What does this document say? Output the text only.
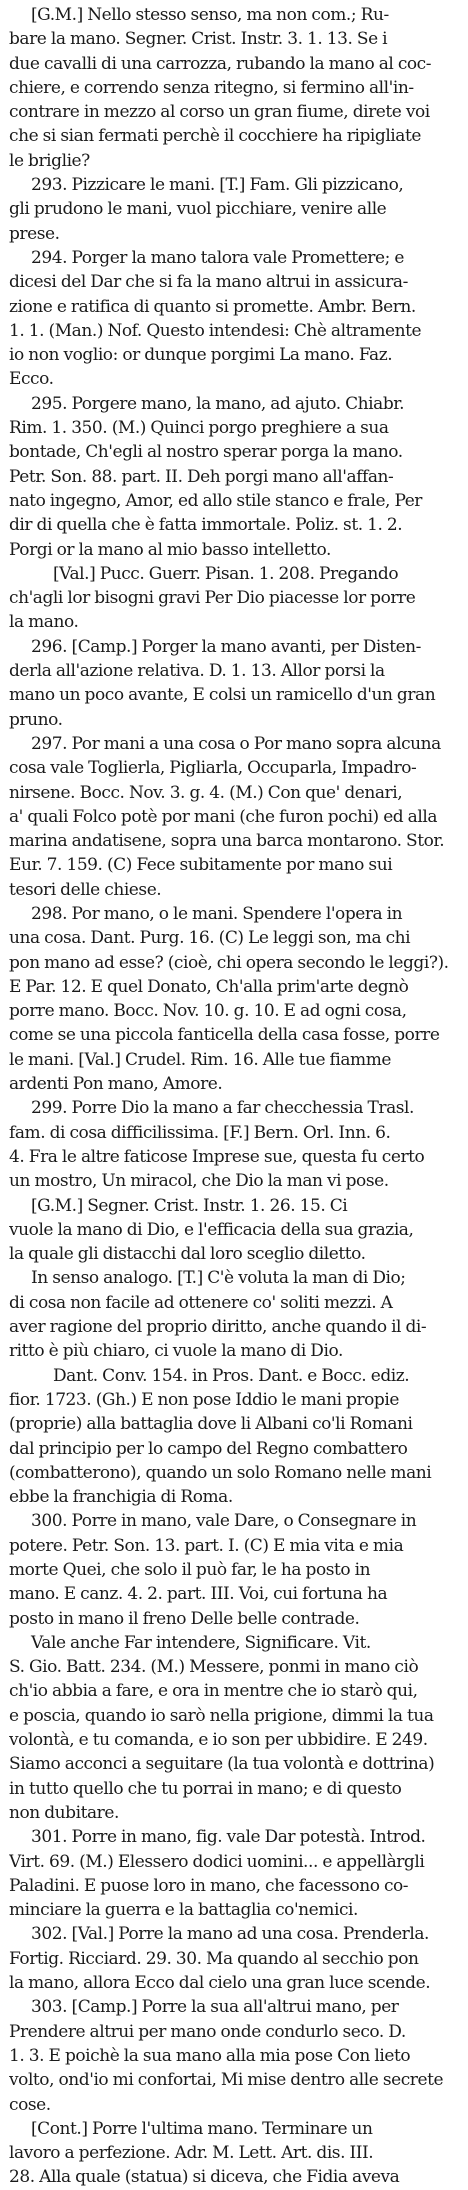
[G.M.] Nello stesso senso, ma non com.; Ru-
bare la mano. Segner. Crist. Instr. 3. 1. 13. Se i
due cavalli di una carrozza, rubando la mano al coc-
chiere, e correndo senza ritegno, si fermino all'in-
contrare in mezzo al corso un gran fiume, direte voi
che si sian fermati perchè il cocchiere ha ripigliate
le briglie?
293. Pizzicare le mani. [T.] Fam. Gli pizzicano,
gli prudono le mani, vuol picchiare, venire alle
prese.
294. Porger la mano talora vale Promettere; e
dicesi del Dar che si fa la mano altrui in assicura-
zione e ratifica di quanto si promette. Ambr. Bern.
1. 1. (Man.) Nof. Questo intendesi: Chè altramente
io non voglio: or dunque porgimi La mano. Faz.
Ecco.
295. Porgere mano, la mano, ad ajuto. Chiabr.
Rim. 1. 350. (M.) Quinci porgo preghiere a sua
bontade, Ch'egli al nostro sperar porga la mano.
Petr. Son. 88. part. II. Deh porgi mano all'affan-
nato ingegno, Amor, ed allo stile stanco e frale, Per
dir di quella che è fatta immortale. Poliz. st. 1. 2.
Porgi or la mano al mio basso intelletto.
[Val.] Pucc. Guerr. Pisan. 1. 208. Pregando
ch'agli lor bisogni gravi Per Dio piacesse lor porre
la mano.
296. [Camp.] Porger la mano avanti, per Disten-
derla all'azione relativa. D. 1. 13. Allor porsi la
mano un poco avante, E colsi un ramicello d'un gran
pruno.
297. Por mani a una cosa o Por mano sopra alcuna
cosa vale Toglierla, Pigliarla, Occuparla, Impadro-
nirsene. Bocc. Nov. 3. g. 4. (M.) Con que' denari,
a' quali Folco potè por mani (che furon pochi) ed alla
marina andatisene, sopra una barca montarono. Stor.
Eur. 7. 159. (C) Fece subitamente por mano sui
tesori delle chiese.
298. Por mano, o le mani. Spendere l'opera in
una cosa. Dant. Purg. 16. (C) Le leggi son, ma chi
pon mano ad esse? (cioè, chi opera secondo le leggi?).
E Par. 12. E quel Donato, Ch'alla prim'arte degnò
porre mano. Bocc. Nov. 10. g. 10. E ad ogni cosa,
come se una piccola fanticella della casa fosse, porre
le mani. [Val.] Crudel. Rim. 16. Alle tue fiamme
ardenti Pon mano, Amore.
299. Porre Dio la mano a far checchessia Trasl.
fam. di cosa difficilissima. [F.] Bern. Orl. Inn. 6.
4. Fra le altre faticose Imprese sue, questa fu certo
un mostro, Un miracol, che Dio la man vi pose.
[G.M.] Segner. Crist. Instr. 1. 26. 15. Ci
vuole la mano di Dio, e l'efficacia della sua grazia,
la quale gli distacchi dal loro sceglio diletto.
In senso analogo. [T.] C'è voluta la man di Dio;
di cosa non facile ad ottenere co' soliti mezzi. A
aver ragione del proprio diritto, anche quando il di-
ritto è più chiaro, ci vuole la mano di Dio.
Dant. Conv. 154. in Pros. Dant. e Bocc. ediz.
fior. 1723. (Gh.) E non pose Iddio le mani propie
(proprie) alla battaglia dove li Albani co'li Romani
dal principio per lo campo del Regno combattero
(combatterono), quando un solo Romano nelle mani
ebbe la franchigia di Roma.
300. Porre in mano, vale Dare, o Consegnare in
potere. Petr. Son. 13. part. I. (C) E mia vita e mia
morte Quei, che solo il può far, le ha posto in
mano. E canz. 4. 2. part. III. Voi, cui fortuna ha
posto in mano il freno Delle belle contrade.
Vale anche Far intendere, Significare. Vit.
S. Gio. Batt. 234. (M.) Messere, ponmi in mano ciò
ch'io abbia a fare, e ora in mentre che io starò qui,
e poscia, quando io sarò nella prigione, dimmi la tua
volontà, e tu comanda, e io son per ubbidire. E 249.
Siamo acconci a seguitare (la tua volontà e dottrina)
in tutto quello che tu porrai in mano; e di questo
non dubitare.
301. Porre in mano, fig. vale Dar potestà. Introd.
Virt. 69. (M.) Elessero dodici uomini... e appellàrgli
Paladini. E puose loro in mano, che facessono co-
minciare la guerra e la battaglia co'nemici.
302. [Val.] Porre la mano ad una cosa. Prenderla.
Fortig. Ricciard. 29. 30. Ma quando al secchio pon
la mano, allora Ecco dal cielo una gran luce scende.
303. [Camp.] Porre la sua all'altrui mano, per
Prendere altrui per mano onde condurlo seco. D.
1. 3. E poichè la sua mano alla mia pose Con lieto
volto, ond'io mi confortai, Mi mise dentro alle secrete
cose.
[Cont.] Porre l'ultima mano. Terminare un
lavoro a perfezione. Adr. M. Lett. Art. dis. III.
28. Alla quale (statua) si diceva, che Fidia aveva
